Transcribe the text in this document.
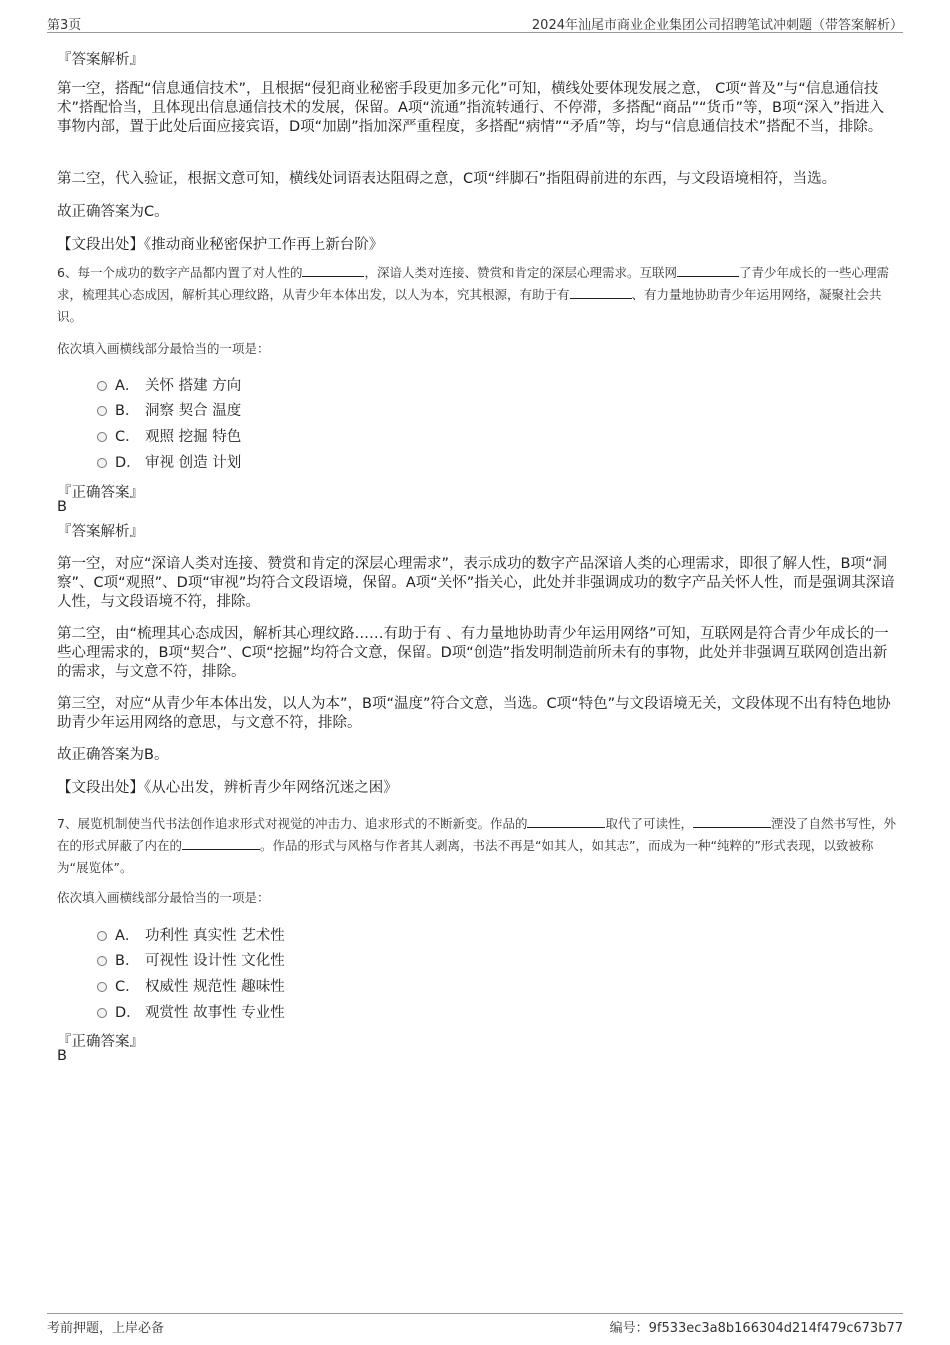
第3页	2024年汕尾市商业企业集团公司招聘笔试冲刺题（带答案解析）
『答案解析』
第一空，搭配“信息通信技术”，且根据“侵犯商业秘密手段更加多元化”可知，横线处要体现发展之意， C项“普及”与“信息通信技术”搭配恰当，且体现出信息通信技术的发展，保留。A项“流通”指流转通行、不停滞，多搭配“商品”“货币”等，B项“深入”指进入事物内部，置于此处后面应接宾语，D项“加剧”指加深严重程度，多搭配“病情”“矛盾”等，均与“信息通信技术”搭配不当，排除。
第二空，代入验证，根据文意可知，横线处词语表达阻碍之意，C项“绊脚石”指阻碍前进的东西，与文段语境相符，当选。
故正确答案为C。
【文段出处】《推动商业秘密保护工作再上新台阶》
6、每一个成功的数字产品都内置了对人性的	，深谙人类对连接、赞赏和肯定的深层心理需求。互联网	了青少年成长的一些心理需求，梳理其心态成因，解析其心理纹路，从青少年本体出发，以人为本，究其根源，有助于有	、有力量地协助青少年运用网络，凝聚社会共识。
依次填入画横线部分最恰当的一项是：
A． 关怀 搭建 方向
B． 洞察 契合 温度
C． 观照 挖掘 特色
D． 审视 创造 计划
『正确答案』
B
『答案解析』
第一空，对应“深谙人类对连接、赞赏和肯定的深层心理需求”，表示成功的数字产品深谙人类的心理需求，即很了解人性，B项“洞察”、C项“观照”、D项“审视”均符合文段语境，保留。A项“关怀”指关心，此处并非强调成功的数字产品关怀人性，而是强调其深谙人性，与文段语境不符，排除。
第二空，由“梳理其心态成因，解析其心理纹路……有助于有 、有力量地协助青少年运用网络”可知，互联网是符合青少年成长的一些心理需求的，B项“契合”、C项“挖掘”均符合文意，保留。D项“创造”指发明制造前所未有的事物，此处并非强调互联网创造出新的需求，与文意不符，排除。
第三空，对应“从青少年本体出发，以人为本”，B项“温度”符合文意，当选。C项“特色”与文段语境无关，文段体现不出有特色地协助青少年运用网络的意思，与文意不符，排除。
故正确答案为B。
【文段出处】《从心出发，辨析青少年网络沉迷之困》
7、展览机制使当代书法创作追求形式对视觉的冲击力、追求形式的不断新变。作品的	取代了可读性，	湮没了自然书写性，外在的形式屏蔽了内在的	。作品的形式与风格与作者其人剥离，书法不再是“如其人，如其志”，而成为一种“纯粹的”形式表现，以致被称为“展览体”。
依次填入画横线部分最恰当的一项是：
A． 功利性 真实性 艺术性
B． 可视性 设计性 文化性
C． 权威性 规范性 趣味性
D． 观赏性 故事性 专业性
『正确答案』
B
考前押题，上岸必备	编号：9f533ec3a8b166304d214f479c673b77
